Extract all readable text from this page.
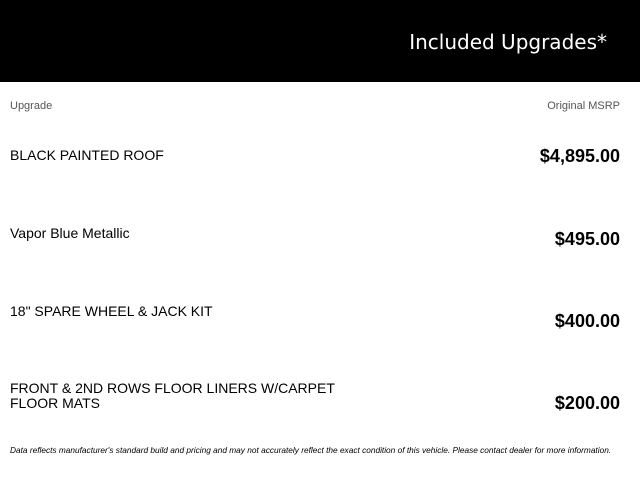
Included Upgrades*
Upgrade	Original MSRP
BLACK PAINTED ROOF	$4,895.00
Vapor Blue Metallic	$495.00
18" SPARE WHEEL & JACK KIT	$400.00
FRONT & 2ND ROWS FLOOR LINERS W/CARPET FLOOR MATS	$200.00
Data reflects manufacturer's standard build and pricing and may not accurately reflect the exact condition of this vehicle. Please contact dealer for more information.
